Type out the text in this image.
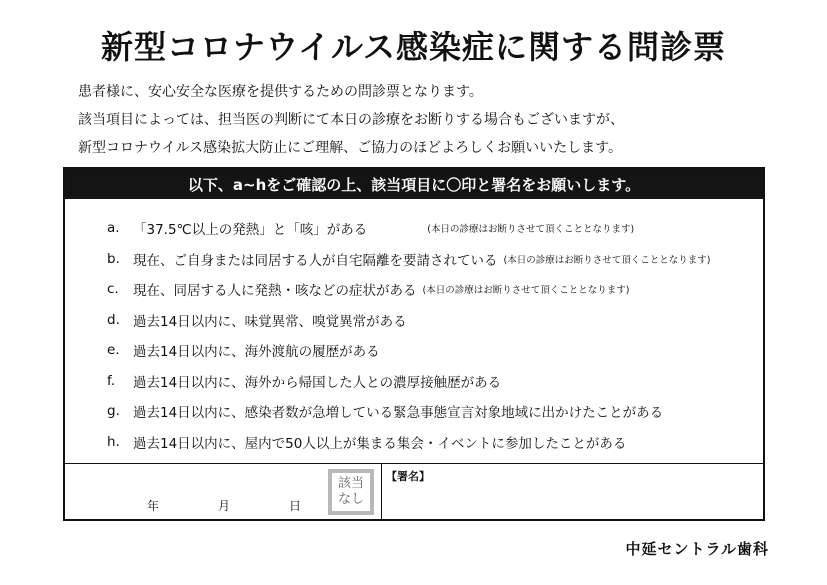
新型コロナウイルス感染症に関する問診票
患者様に、安心安全な医療を提供するための問診票となります。
該当項目によっては、担当医の判断にて本日の診療をお断りする場合もございますが、
新型コロナウイルス感染拡大防止にご理解、ご協力のほどよろしくお願いいたします。
以下、a~hをご確認の上、該当項目に〇印と署名をお願いします。
a. 「37.5℃以上の発熱」と「咳」がある	(本日の診療はお断りさせて頂くこととなります)
b. 現在、ご自身または同居する人が自宅隔離を要請されている (本日の診療はお断りさせて頂くこととなります)
c.	現在、同居する人に発熱・咳などの症状がある (本日の診療はお断りさせて頂くこととなります)
d. 過去14日以内に、味覚異常、嗅覚異常がある
e. 過去14日以内に、海外渡航の履歴がある
f.	過去14日以内に、海外から帰国した人との濃厚接触歴がある
g. 過去14日以内に、感染者数が急増している緊急事態宣言対象地域に出かけたことがある
h. 過去14日以内に、屋内で50人以上が集まる集会・イベントに参加したことがある
年	月	日
該当
なし
【署名】
中延セントラル歯科
